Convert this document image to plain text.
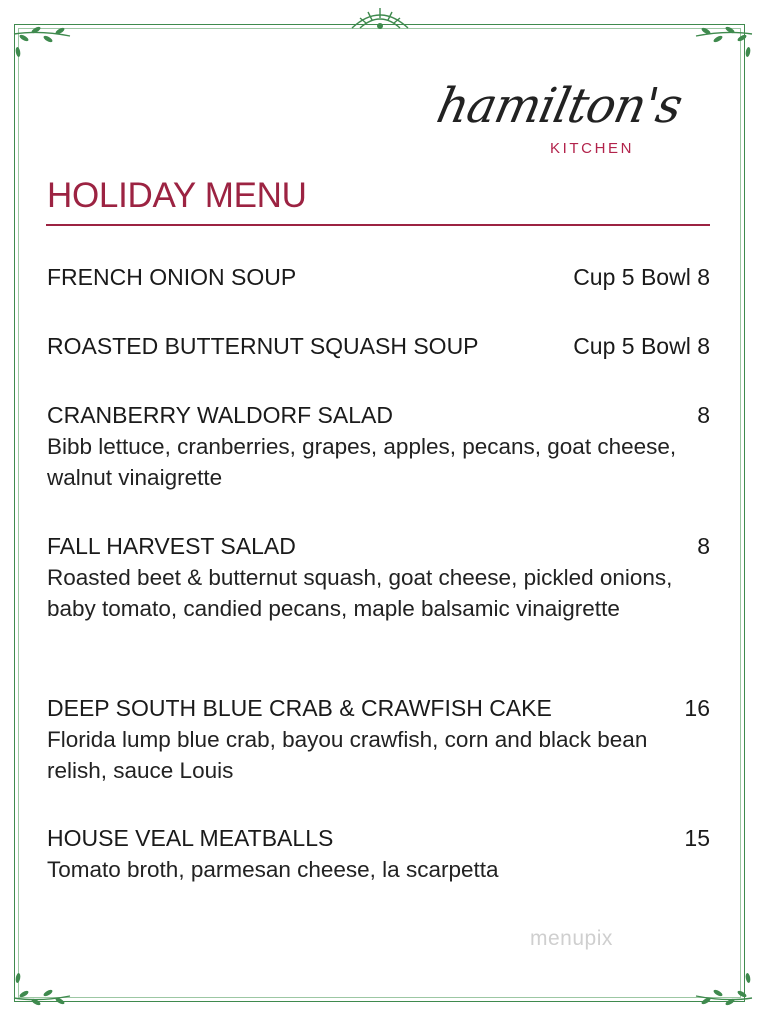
hamilton's
KITCHEN
HOLIDAY MENU
FRENCH ONION SOUP	Cup 5 Bowl 8
ROASTED BUTTERNUT SQUASH SOUP	Cup 5 Bowl 8
CRANBERRY WALDORF SALAD	8
Bibb lettuce, cranberries, grapes, apples, pecans, goat cheese, walnut vinaigrette
FALL HARVEST SALAD	8
Roasted beet & butternut squash, goat cheese, pickled onions, baby tomato, candied pecans, maple balsamic vinaigrette
DEEP SOUTH BLUE CRAB & CRAWFISH CAKE	16
Florida lump blue crab, bayou crawfish, corn and black bean relish, sauce Louis
HOUSE VEAL MEATBALLS	15
Tomato broth, parmesan cheese, la scarpetta
menupix
